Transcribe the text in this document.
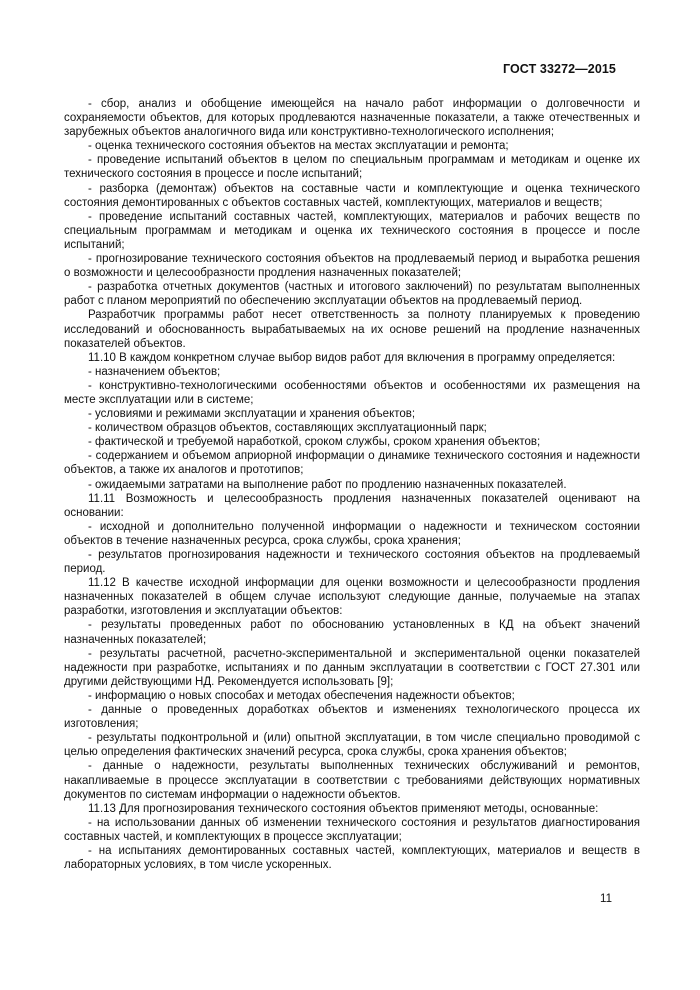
ГОСТ 33272—2015

- сбор, анализ и обобщение имеющейся на начало работ информации о долговечности и сохраняемости объектов, для которых продлеваются назначенные показатели, а также отечественных и зарубежных объектов аналогичного вида или конструктивно-технологического исполнения;

- оценка технического состояния объектов на местах эксплуатации и ремонта;

- проведение испытаний объектов в целом по специальным программам и методикам и оценке их технического состояния в процессе и после испытаний;

- разборка (демонтаж) объектов на составные части и комплектующие и оценка технического состояния демонтированных с объектов составных частей, комплектующих, материалов и веществ;

- проведение испытаний составных частей, комплектующих, материалов и рабочих веществ по специальным программам и методикам и оценка их технического состояния в процессе и после испытаний;

- прогнозирование технического состояния объектов на продлеваемый период и выработка решения о возможности и целесообразности продления назначенных показателей;

- разработка отчетных документов (частных и итогового заключений) по результатам выполненных работ с планом мероприятий по обеспечению эксплуатации объектов на продлеваемый период.

Разработчик программы работ несет ответственность за полноту планируемых к проведению исследований и обоснованность вырабатываемых на их основе решений на продление назначенных показателей объектов.

11.10 В каждом конкретном случае выбор видов работ для включения в программу определяется:

- назначением объектов;

- конструктивно-технологическими особенностями объектов и особенностями их размещения на месте эксплуатации или в системе;

- условиями и режимами эксплуатации и хранения объектов;

- количеством образцов объектов, составляющих эксплуатационный парк;

- фактической и требуемой наработкой, сроком службы, сроком хранения объектов;

- содержанием и объемом априорной информации о динамике технического состояния и надежности объектов, а также их аналогов и прототипов;

- ожидаемыми затратами на выполнение работ по продлению назначенных показателей.

11.11 Возможность и целесообразность продления назначенных показателей оценивают на основании:

- исходной и дополнительно полученной информации о надежности и техническом состоянии объектов в течение назначенных ресурса, срока службы, срока хранения;

- результатов прогнозирования надежности и технического состояния объектов на продлеваемый период.

11.12 В качестве исходной информации для оценки возможности и целесообразности продления назначенных показателей в общем случае используют следующие данные, получаемые на этапах разработки, изготовления и эксплуатации объектов:

- результаты проведенных работ по обоснованию установленных в КД на объект значений назначенных показателей;

- результаты расчетной, расчетно-экспериментальной и экспериментальной оценки показателей надежности при разработке, испытаниях и по данным эксплуатации в соответствии с ГОСТ 27.301 или другими действующими НД. Рекомендуется использовать [9];

- информацию о новых способах и методах обеспечения надежности объектов;

- данные о проведенных доработках объектов и изменениях технологического процесса их изготовления;

- результаты подконтрольной и (или) опытной эксплуатации, в том числе специально проводимой с целью определения фактических значений ресурса, срока службы, срока хранения объектов;

- данные о надежности, результаты выполненных технических обслуживаний и ремонтов, накапливаемые в процессе эксплуатации в соответствии с требованиями действующих нормативных документов по системам информации о надежности объектов.

11.13 Для прогнозирования технического состояния объектов применяют методы, основанные:

- на использовании данных об изменении технического состояния и результатов диагностирования составных частей, и комплектующих в процессе эксплуатации;

- на испытаниях демонтированных составных частей, комплектующих, материалов и веществ в лабораторных условиях, в том числе ускоренных.

11
